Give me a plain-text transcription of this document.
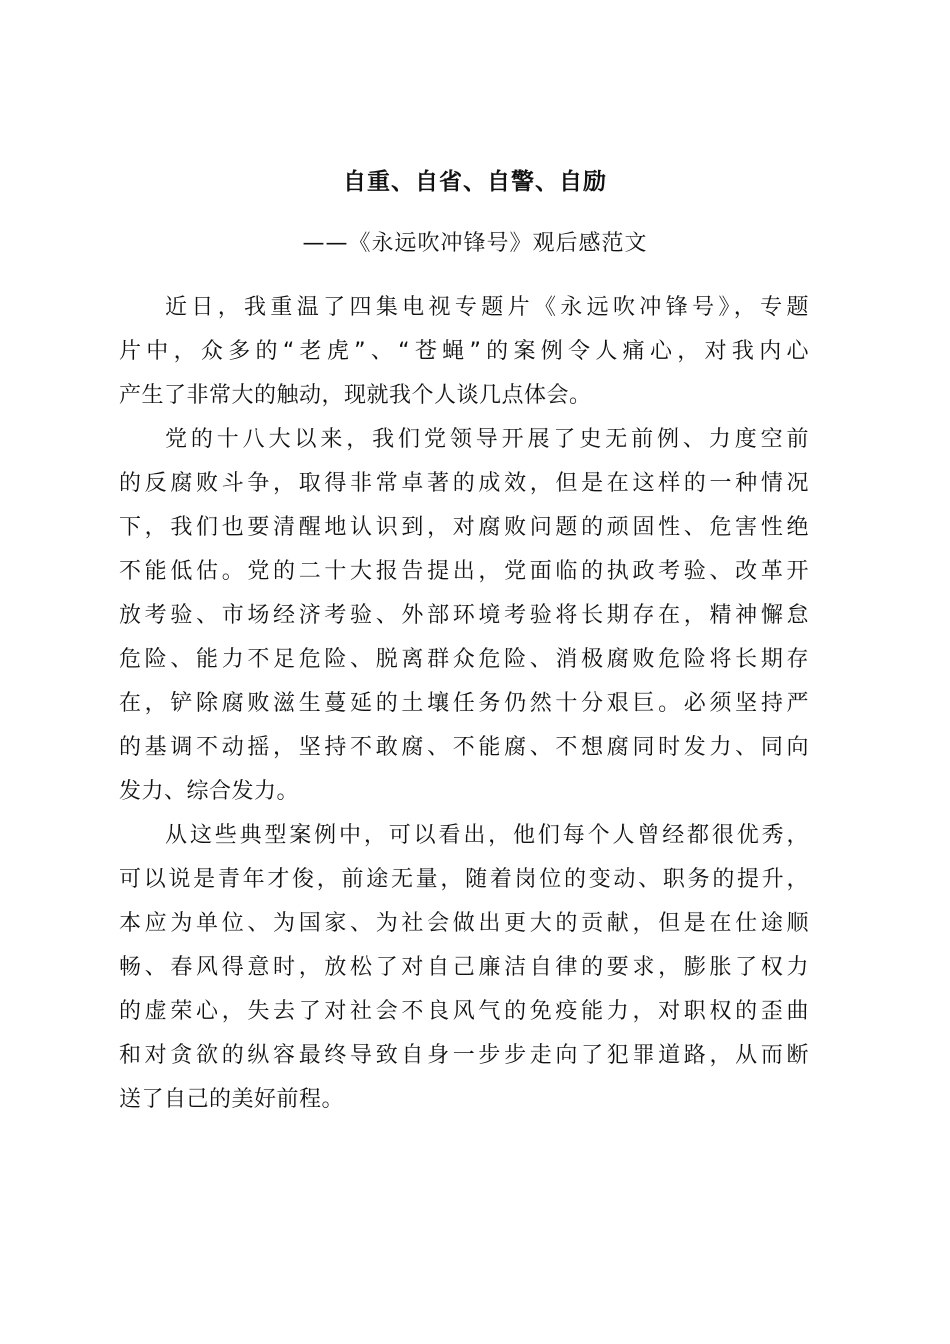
自重、自省、自警、自励

——《永远吹冲锋号》观后感范文

近日，我重温了四集电视专题片《永远吹冲锋号》，专题
片中，众多的“老虎”、“苍蝇”的案例令人痛心，对我内心
产生了非常大的触动，现就我个人谈几点体会。
党的十八大以来，我们党领导开展了史无前例、力度空前
的反腐败斗争，取得非常卓著的成效，但是在这样的一种情况
下，我们也要清醒地认识到，对腐败问题的顽固性、危害性绝
不能低估。党的二十大报告提出，党面临的执政考验、改革开
放考验、市场经济考验、外部环境考验将长期存在，精神懈怠
危险、能力不足危险、脱离群众危险、消极腐败危险将长期存
在，铲除腐败滋生蔓延的土壤任务仍然十分艰巨。必须坚持严
的基调不动摇，坚持不敢腐、不能腐、不想腐同时发力、同向
发力、综合发力。
从这些典型案例中，可以看出，他们每个人曾经都很优秀，
可以说是青年才俊，前途无量，随着岗位的变动、职务的提升，
本应为单位、为国家、为社会做出更大的贡献，但是在仕途顺
畅、春风得意时，放松了对自己廉洁自律的要求，膨胀了权力
的虚荣心，失去了对社会不良风气的免疫能力，对职权的歪曲
和对贪欲的纵容最终导致自身一步步走向了犯罪道路，从而断
送了自己的美好前程。
